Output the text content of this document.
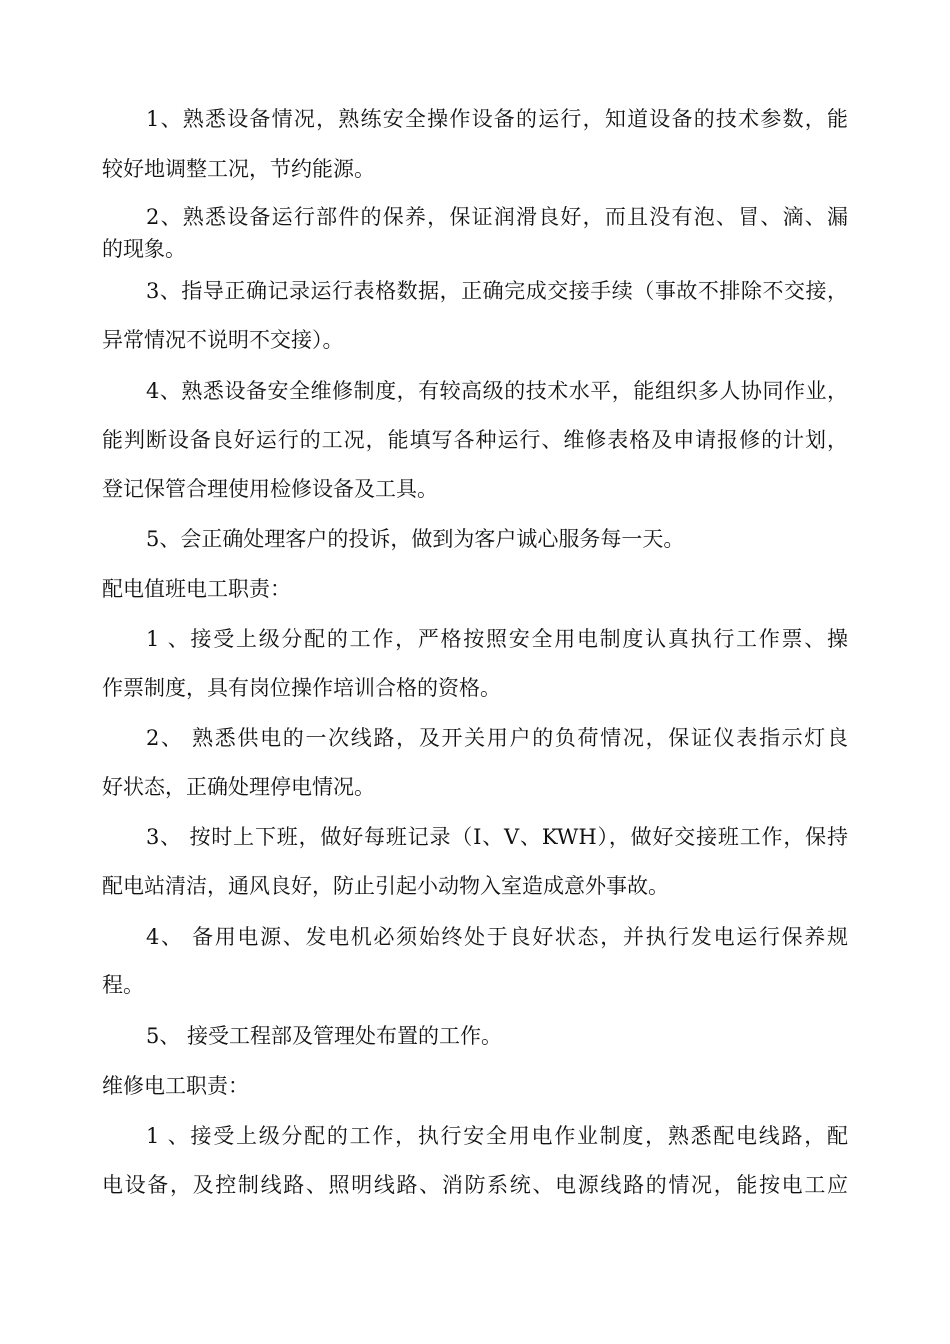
1、熟悉设备情况，熟练安全操作设备的运行，知道设备的技术参数，能
较好地调整工况，节约能源。
2、熟悉设备运行部件的保养，保证润滑良好，而且没有泡、冒、滴、漏
的现象。
3、指导正确记录运行表格数据，正确完成交接手续（事故不排除不交接，
异常情况不说明不交接）。
4、熟悉设备安全维修制度，有较高级的技术水平，能组织多人协同作业，
能判断设备良好运行的工况，能填写各种运行、维修表格及申请报修的计划，
登记保管合理使用检修设备及工具。
5、会正确处理客户的投诉，做到为客户诚心服务每一天。
配电值班电工职责：
1 、接受上级分配的工作，严格按照安全用电制度认真执行工作票、操
作票制度，具有岗位操作培训合格的资格。
2、 熟悉供电的一次线路，及开关用户的负荷情况，保证仪表指示灯良
好状态，正确处理停电情况。
3、 按时上下班，做好每班记录（I、V、KWH），做好交接班工作，保持
配电站清洁，通风良好，防止引起小动物入室造成意外事故。
4、 备用电源、发电机必须始终处于良好状态，并执行发电运行保养规
程。
5、 接受工程部及管理处布置的工作。
维修电工职责：
1 、接受上级分配的工作，执行安全用电作业制度，熟悉配电线路，配
电设备，及控制线路、照明线路、消防系统、电源线路的情况，能按电工应
